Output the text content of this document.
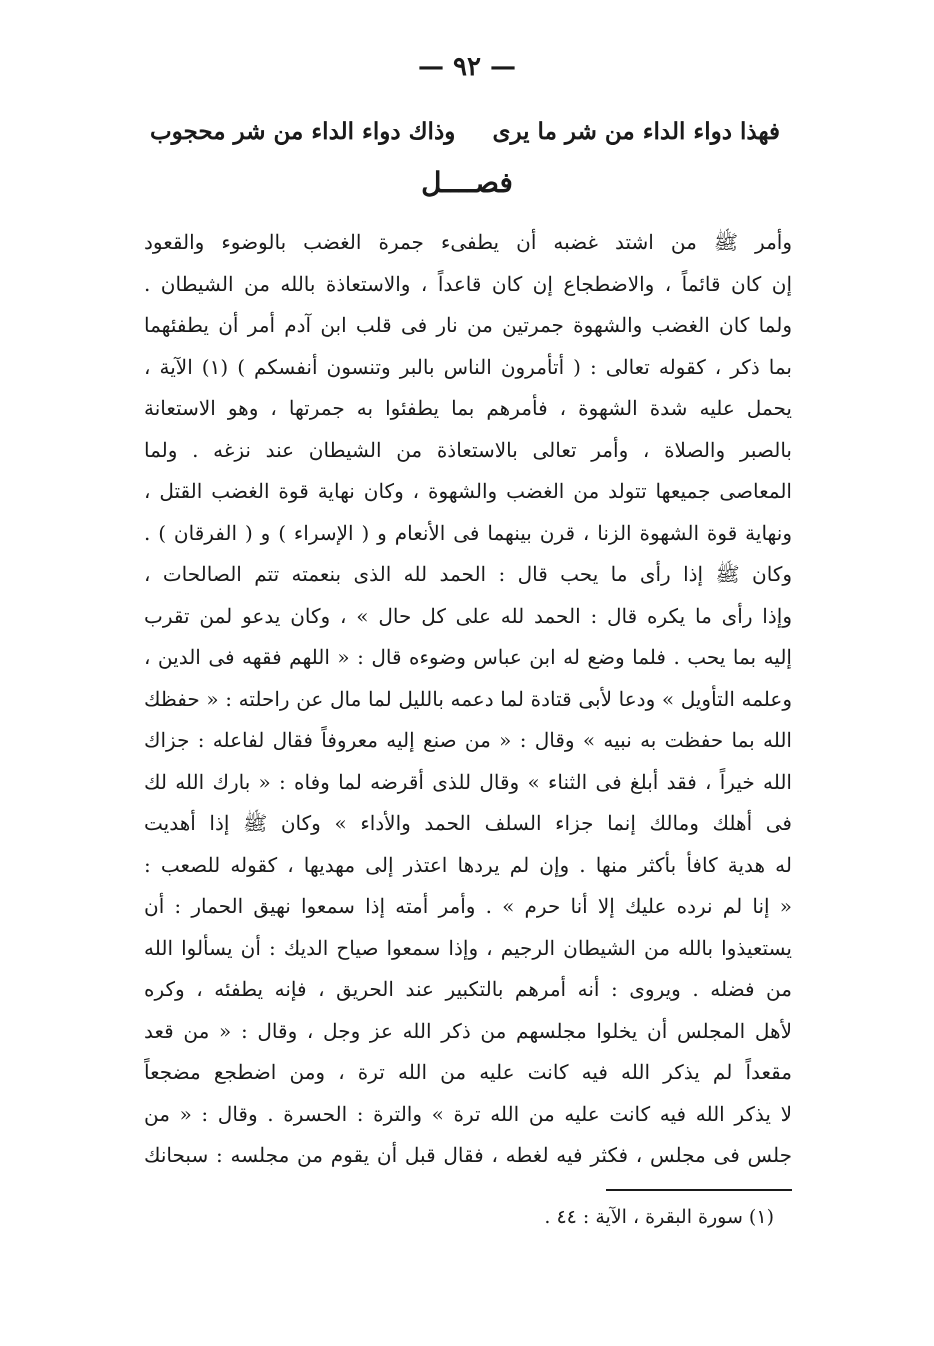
— ٩٢ —
فهذا دواء الداء من شر ما يرى
وذاك دواء الداء من شر محجوب
فصــــل
وأمر ﷺ من اشتد غضبه أن يطفىء جمرة الغضب بالوضوء والقعود
إن كان قائماً ، والاضطجاع إن كان قاعداً ، والاستعاذة بالله من الشيطان .
ولما كان الغضب والشهوة جمرتين من نار فى قلب ابن آدم أمر أن يطفئهما
بما ذكر ، كقوله تعالى : ( أتأمرون الناس بالبر وتنسون أنفسكم ) (١) الآية ،
يحمل عليه شدة الشهوة ، فأمرهم بما يطفئوا به جمرتها ، وهو الاستعانة
بالصبر والصلاة ، وأمر تعالى بالاستعاذة من الشيطان عند نزغه . ولما
المعاصى جميعها تتولد من الغضب والشهوة ، وكان نهاية قوة الغضب القتل ،
ونهاية قوة الشهوة الزنا ، قرن بينهما فى الأنعام و ( الإسراء ) و ( الفرقان ) .
وكان ﷺ إذا رأى ما يحب قال : الحمد لله الذى بنعمته تتم الصالحات ،
وإذا رأى ما يكره قال : الحمد لله على كل حال » ، وكان يدعو لمن تقرب
إليه بما يحب . فلما وضع له ابن عباس وضوءه قال : « اللهم فقهه فى الدين ،
وعلمه التأويل » ودعا لأبى قتادة لما دعمه بالليل لما مال عن راحلته : « حفظك
الله بما حفظت به نبيه » وقال : « من صنع إليه معروفاً فقال لفاعله : جزاك
الله خيراً ، فقد أبلغ فى الثناء » وقال للذى أقرضه لما وفاه : « بارك الله لك
فى أهلك ومالك إنما جزاء السلف الحمد والأداء » وكان ﷺ إذا أهديت
له هدية كافأ بأكثر منها . وإن لم يردها اعتذر إلى مهديها ، كقوله للصعب :
« إنا لم نرده عليك إلا أنا حرم » . وأمر أمته إذا سمعوا نهيق الحمار : أن
يستعيذوا بالله من الشيطان الرجيم ، وإذا سمعوا صياح الديك : أن يسألوا الله
من فضله . ويروى : أنه أمرهم بالتكبير عند الحريق ، فإنه يطفئه ، وكره
لأهل المجلس أن يخلوا مجلسهم من ذكر الله عز وجل ، وقال : « من قعد
مقعداً لم يذكر الله فيه كانت عليه من الله ترة ، ومن اضطجع مضجعاً
لا يذكر الله فيه كانت عليه من الله ترة » والترة : الحسرة . وقال : « من
جلس فى مجلس ، فكثر فيه لغطه ، فقال قبل أن يقوم من مجلسه : سبحانك
(١) سورة البقرة ، الآية : ٤٤ .
